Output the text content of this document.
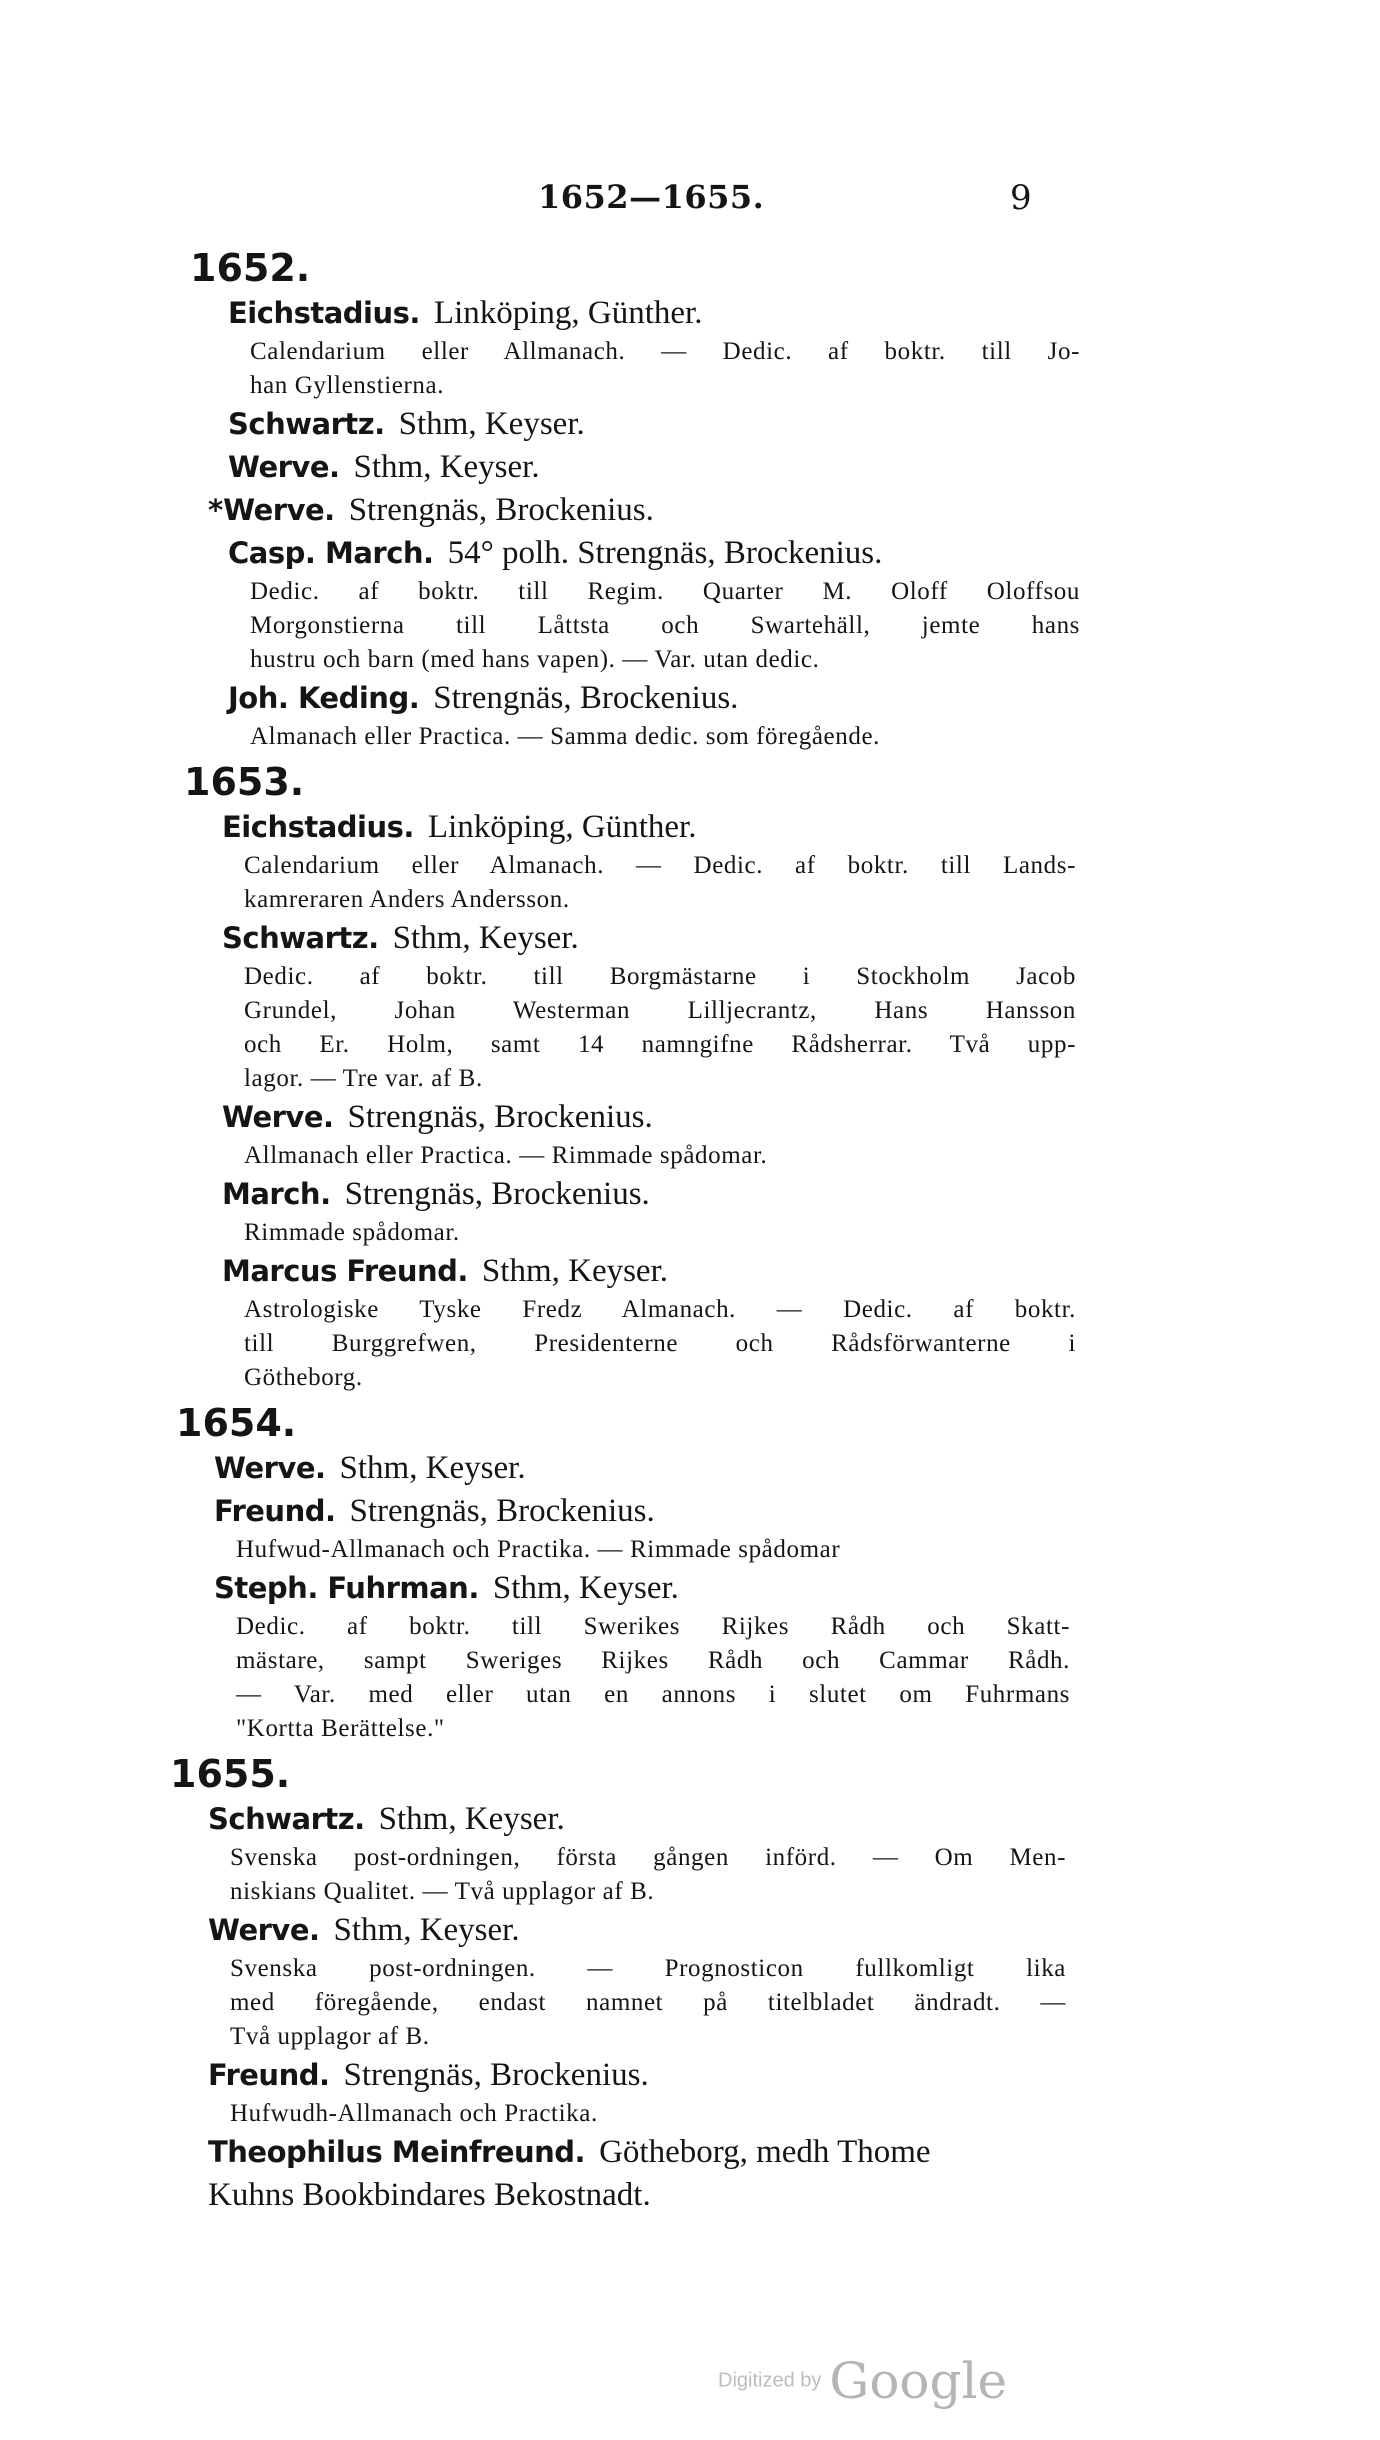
1652—1655.	9
1652.
Eichstadius. Linköping, Günther.
Calendarium eller Allmanach. — Dedic. af boktr. till Jo-
han Gyllenstierna.
Schwartz. Sthm, Keyser.
Werve. Sthm, Keyser.
*Werve. Strengnäs, Brockenius.
Casp. March. 54° polh. Strengnäs, Brockenius.
Dedic. af boktr. till Regim. Quarter M. Oloff Oloffsou
Morgonstierna till Låttsta och Swartehäll, jemte hans
hustru och barn (med hans vapen). — Var. utan dedic.
Joh. Keding. Strengnäs, Brockenius.
Almanach eller Practica. — Samma dedic. som föregående.
1653.
Eichstadius. Linköping, Günther.
Calendarium eller Almanach. — Dedic. af boktr. till Lands-
kamreraren Anders Andersson.
Schwartz. Sthm, Keyser.
Dedic. af boktr. till Borgmästarne i Stockholm Jacob
Grundel, Johan Westerman Lilljecrantz, Hans Hansson
och Er. Holm, samt 14 namngifne Rådsherrar. Två upp-
lagor. — Tre var. af B.
Werve. Strengnäs, Brockenius.
Allmanach eller Practica. — Rimmade spådomar.
March. Strengnäs, Brockenius.
Rimmade spådomar.
Marcus Freund. Sthm, Keyser.
Astrologiske Tyske Fredz Almanach. — Dedic. af boktr.
till Burggrefwen, Presidenterne och Rådsförwanterne i
Götheborg.
1654.
Werve. Sthm, Keyser.
Freund. Strengnäs, Brockenius.
Hufwud-Allmanach och Practika. — Rimmade spådomar
Steph. Fuhrman. Sthm, Keyser.
Dedic. af boktr. till Swerikes Rijkes Rådh och Skatt-
mästare, sampt Sweriges Rijkes Rådh och Cammar Rådh.
— Var. med eller utan en annons i slutet om Fuhrmans
"Kortta Berättelse."
1655.
Schwartz. Sthm, Keyser.
Svenska post-ordningen, första gången införd. — Om Men-
niskians Qualitet. — Två upplagor af B.
Werve. Sthm, Keyser.
Svenska post-ordningen. — Prognosticon fullkomligt lika
med föregående, endast namnet på titelbladet ändradt. —
Två upplagor af B.
Freund. Strengnäs, Brockenius.
Hufwudh-Allmanach och Practika.
Theophilus Meinfreund. Götheborg, medh Thome
Kuhns Bookbindares Bekostnadt.
Digitized by Google
